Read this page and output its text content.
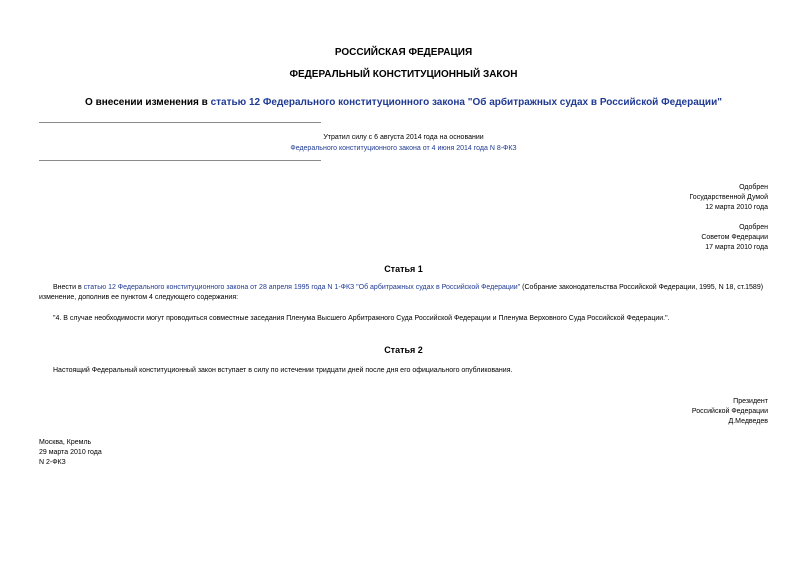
РОССИЙСКАЯ ФЕДЕРАЦИЯ
ФЕДЕРАЛЬНЫЙ КОНСТИТУЦИОННЫЙ ЗАКОН
О внесении изменения в статью 12 Федерального конституционного закона "Об арбитражных судах в Российской Федерации"
Утратил силу с 6 августа 2014 года на основании
Федерального конституционного закона от 4 июня 2014 года N 8-ФКЗ
Одобрен
Государственной Думой
12 марта 2010 года
Одобрен
Советом Федерации
17 марта 2010 года
Статья 1
Внести в статью 12 Федерального конституционного закона от 28 апреля 1995 года N 1-ФКЗ "Об арбитражных судах в Российской Федерации" (Собрание законодательства Российской Федерации, 1995, N 18, ст.1589) изменение, дополнив ее пунктом 4 следующего содержания:
"4. В случае необходимости могут проводиться совместные заседания Пленума Высшего Арбитражного Суда Российской Федерации и Пленума Верховного Суда Российской Федерации.".
Статья 2
Настоящий Федеральный конституционный закон вступает в силу по истечении тридцати дней после дня его официального опубликования.
Президент
Российской Федерации
Д.Медведев
Москва, Кремль
29 марта 2010 года
N 2-ФКЗ
